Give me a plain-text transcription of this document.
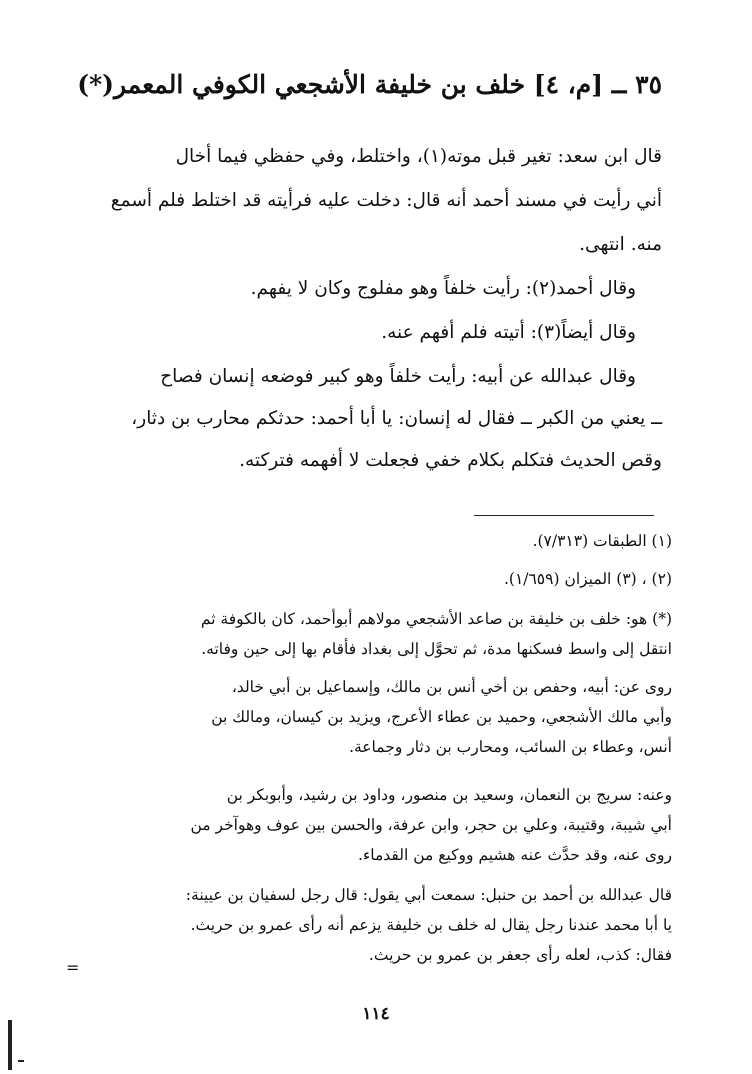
٣٥ ــ [م، ٤] خلف بن خليفة الأشجعي الكوفي المعمر(*)
قال ابن سعد: تغير قبل موته(١)، واختلط، وفي حفظي فيما أخال
أني رأيت في مسند أحمد أنه قال: دخلت عليه فرأيته قد اختلط فلم أسمع
منه. انتهى.
وقال أحمد(٢): رأيت خلفاً وهو مفلوج وكان لا يفهم.
وقال أيضاً(٣): أتيته فلم أفهم عنه.
وقال عبدالله عن أبيه: رأيت خلفاً وهو كبير فوضعه إنسان فصاح
ــ يعني من الكبر ــ فقال له إنسان: يا أبا أحمد: حدثكم محارب بن دثار،
وقص الحديث فتكلم بكلام خفي فجعلت لا أفهمه فتركته.
(١) الطبقات (٧/٣١٣).
(٢) ، (٣) الميزان (١/٦٥٩).
(*) هو: خلف بن خليفة بن صاعد الأشجعي مولاهم أبوأحمد، كان بالكوفة ثم
انتقل إلى واسط فسكنها مدة، ثم تحوَّل إلى بغداد فأقام بها إلى حين وفاته.
روى عن: أبيه، وحفص بن أخي أنس بن مالك، وإسماعيل بن أبي خالد،
وأبي مالك الأشجعي، وحميد بن عطاء الأعرج، ويزيد بن كيسان، ومالك بن
أنس، وعطاء بن السائب، ومحارب بن دثار وجماعة.
وعنه: سريج بن النعمان، وسعيد بن منصور، وداود بن رشيد، وأبوبكر بن
أبي شيبة، وقتيبة، وعلي بن حجر، وابن عرفة، والحسن بين عوف وهوآخر من
روى عنه، وقد حدَّث عنه هشيم ووكيع من القدماء.
قال عبدالله بن أحمد بن حنبل: سمعت أبي يقول: قال رجل لسفيان بن عيينة:
يا أبا محمد عندنا رجل يقال له خلف بن خليفة يزعم أنه رأى عمرو بن حريث.
فقال: كذب، لعله رأى جعفر بن عمرو بن حريث.
=
١١٤
